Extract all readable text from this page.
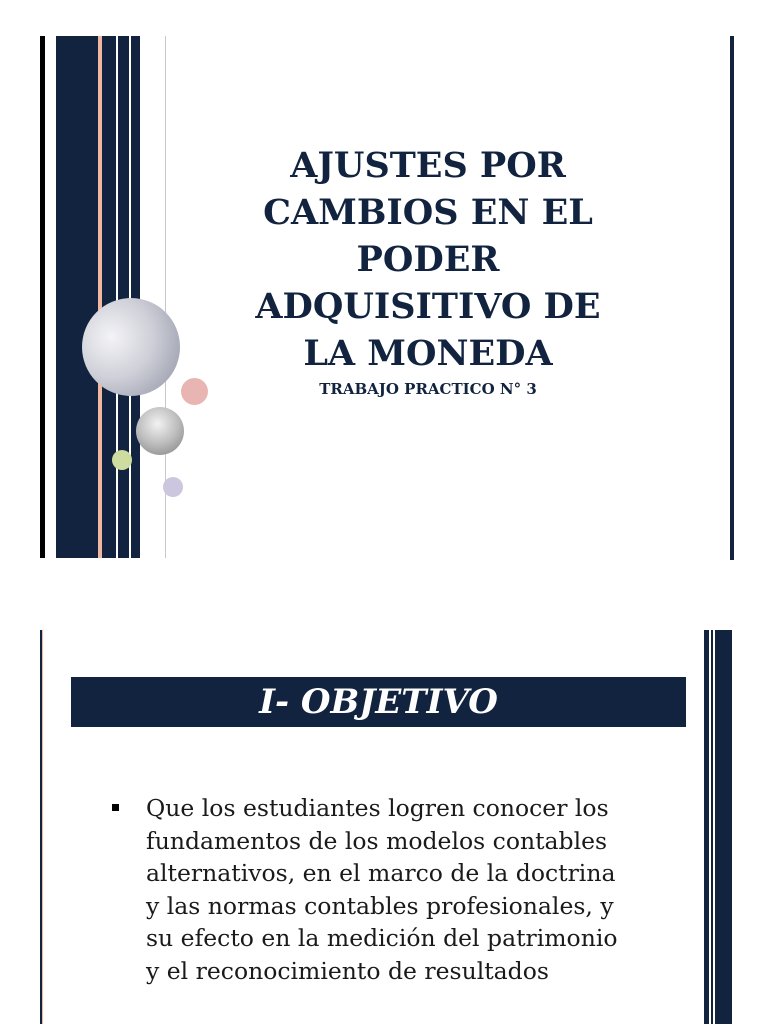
AJUSTES POR
CAMBIOS EN EL
PODER
ADQUISITIVO DE
LA MONEDA
TRABAJO PRACTICO N° 3
I- OBJETIVO
Que los estudiantes logren conocer los
fundamentos de los modelos contables
alternativos, en el marco de la doctrina
y las normas contables profesionales, y
su efecto en la medición del patrimonio
y el reconocimiento de resultados
